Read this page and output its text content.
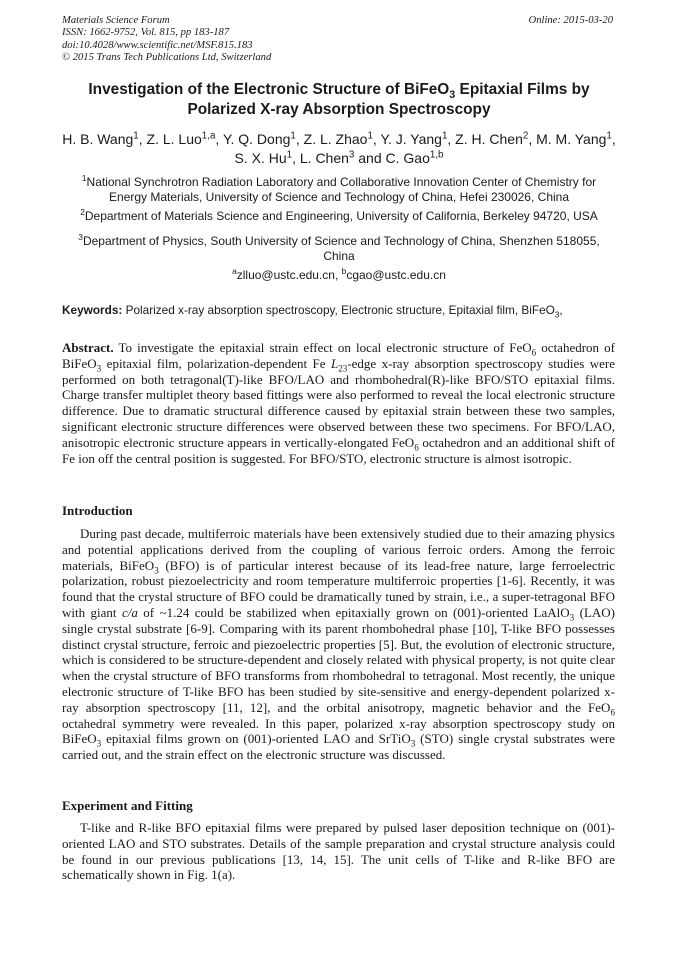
Materials Science Forum
ISSN: 1662-9752, Vol. 815, pp 183-187
doi:10.4028/www.scientific.net/MSF.815.183
© 2015 Trans Tech Publications Ltd, Switzerland
Online: 2015-03-20
Investigation of the Electronic Structure of BiFeO$_3$ Epitaxial Films by Polarized X-ray Absorption Spectroscopy
H. B. Wang$^1$, Z. L. Luo$^{1,a}$, Y. Q. Dong$^1$, Z. L. Zhao$^1$, Y. J. Yang$^1$, Z. H. Chen$^2$, M. M. Yang$^1$, S. X. Hu$^1$, L. Chen$^3$ and C. Gao$^{1,b}$
$^1$National Synchrotron Radiation Laboratory and Collaborative Innovation Center of Chemistry for Energy Materials, University of Science and Technology of China, Hefei 230026, China
$^2$Department of Materials Science and Engineering, University of California, Berkeley 94720, USA
$^3$Department of Physics, South University of Science and Technology of China, Shenzhen 518055, China
$^a$zlluo@ustc.edu.cn, $^b$cgao@ustc.edu.cn
Keywords: Polarized x-ray absorption spectroscopy, Electronic structure, Epitaxial film, BiFeO$_3$,
Abstract. To investigate the epitaxial strain effect on local electronic structure of FeO$_6$ octahedron of BiFeO$_3$ epitaxial film, polarization-dependent Fe $L_{23}$-edge x-ray absorption spectroscopy studies were performed on both tetragonal(T)-like BFO/LAO and rhombohedral(R)-like BFO/STO epitaxial films. Charge transfer multiplet theory based fittings were also performed to reveal the local electronic structure difference. Due to dramatic structural difference caused by epitaxial strain between these two samples, significant electronic structure differences were observed between these two specimens. For BFO/LAO, anisotropic electronic structure appears in vertically-elongated FeO$_6$ octahedron and an additional shift of Fe ion off the central position is suggested. For BFO/STO, electronic structure is almost isotropic.
Introduction
During past decade, multiferroic materials have been extensively studied due to their amazing physics and potential applications derived from the coupling of various ferroic orders. Among the ferroic materials, BiFeO$_3$ (BFO) is of particular interest because of its lead-free nature, large ferroelectric polarization, robust piezoelectricity and room temperature multiferroic properties [1-6]. Recently, it was found that the crystal structure of BFO could be dramatically tuned by strain, i.e., a super-tetragonal BFO with giant c/a of ~1.24 could be stabilized when epitaxially grown on (001)-oriented LaAlO$_3$ (LAO) single crystal substrate [6-9]. Comparing with its parent rhombohedral phase [10], T-like BFO possesses distinct crystal structure, ferroic and piezoelectric properties [5]. But, the evolution of electronic structure, which is considered to be structure-dependent and closely related with physical property, is not quite clear when the crystal structure of BFO transforms from rhombohedral to tetragonal. Most recently, the unique electronic structure of T-like BFO has been studied by site-sensitive and energy-dependent polarized x-ray absorption spectroscopy [11, 12], and the orbital anisotropy, magnetic behavior and the FeO$_6$ octahedral symmetry were revealed. In this paper, polarized x-ray absorption spectroscopy study on BiFeO$_3$ epitaxial films grown on (001)-oriented LAO and SrTiO$_3$ (STO) single crystal substrates were carried out, and the strain effect on the electronic structure was discussed.
Experiment and Fitting
T-like and R-like BFO epitaxial films were prepared by pulsed laser deposition technique on (001)-oriented LAO and STO substrates. Details of the sample preparation and crystal structure analysis could be found in our previous publications [13, 14, 15]. The unit cells of T-like and R-like BFO are schematically shown in Fig. 1(a).
